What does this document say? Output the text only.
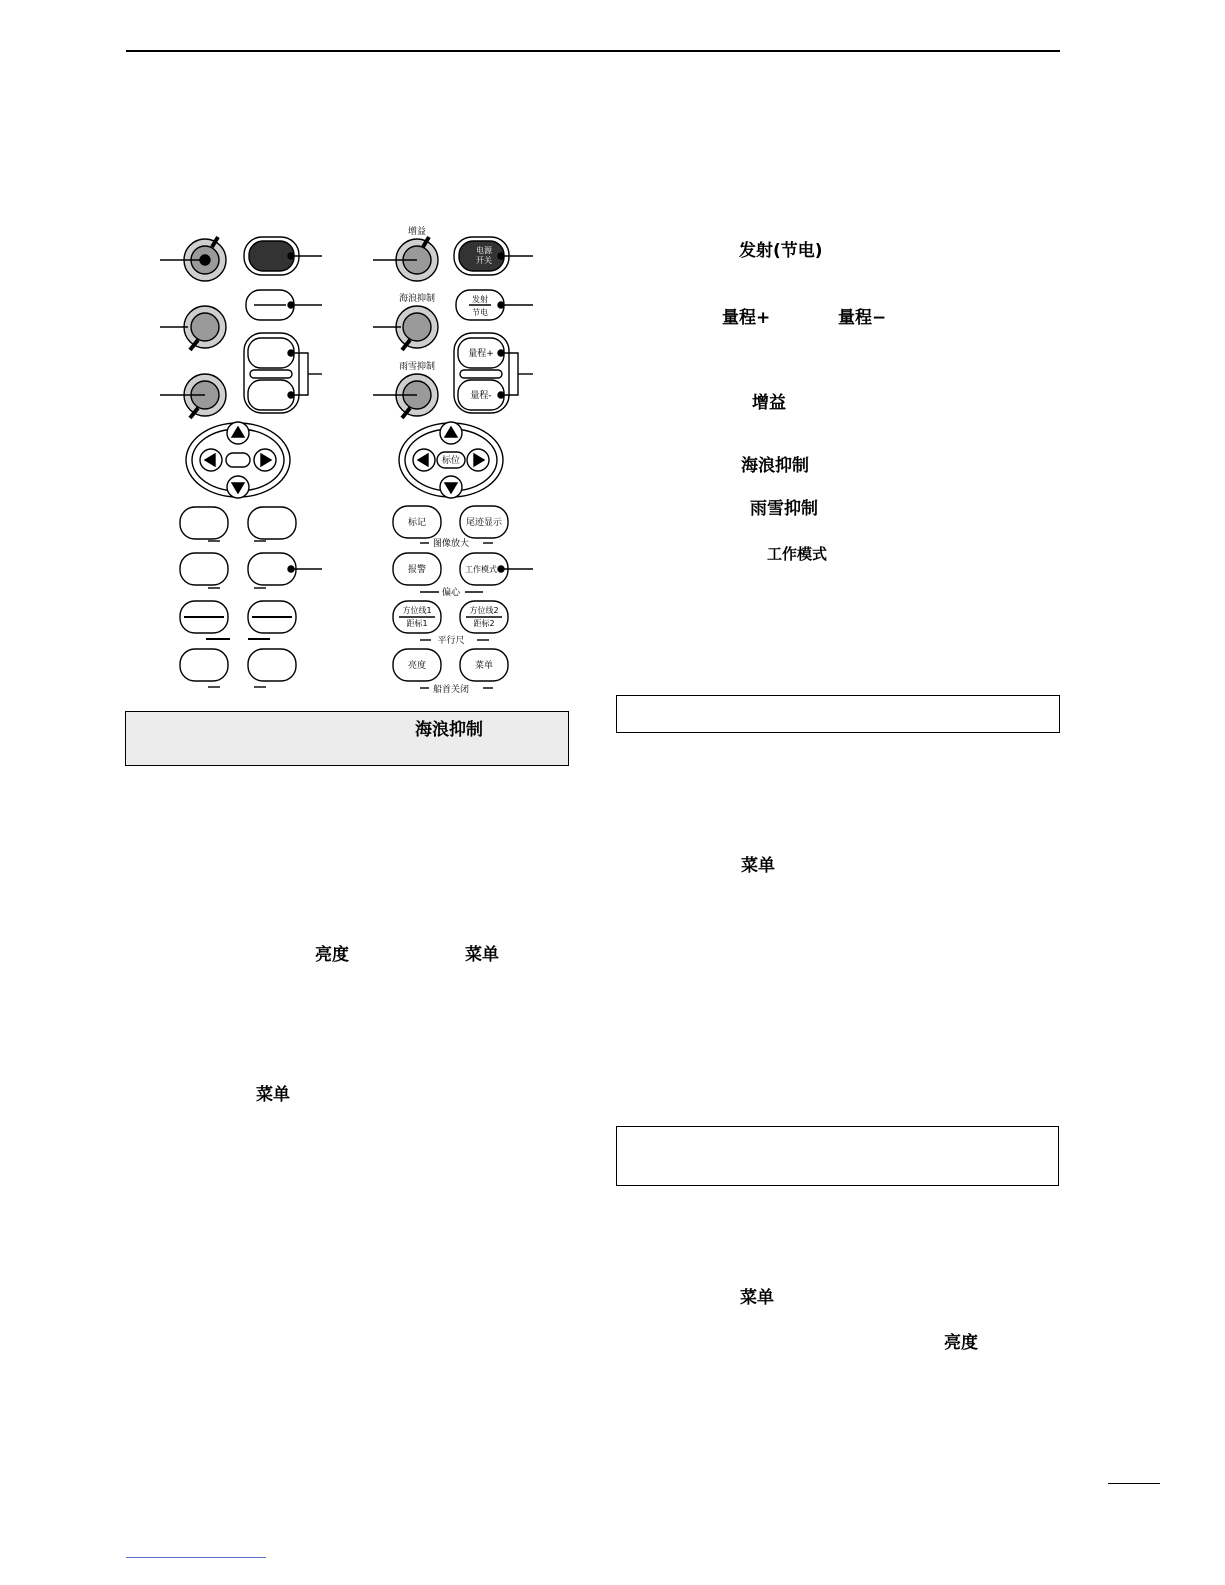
增益
海浪抑制
雨雪抑制
电源
开关
发射
节电
量程+
量程-
标位
标记	尾迹显示
图像放大
报警	工作模式
偏心
方位线1
距标1
方位线2
距标2
平行尺
亮度	菜单
船首关闭
海浪抑制
亮度	菜单
菜单
发射(节电)
量程+	量程−
增益
海浪抑制
雨雪抑制
工作模式
菜单
菜单
亮度
